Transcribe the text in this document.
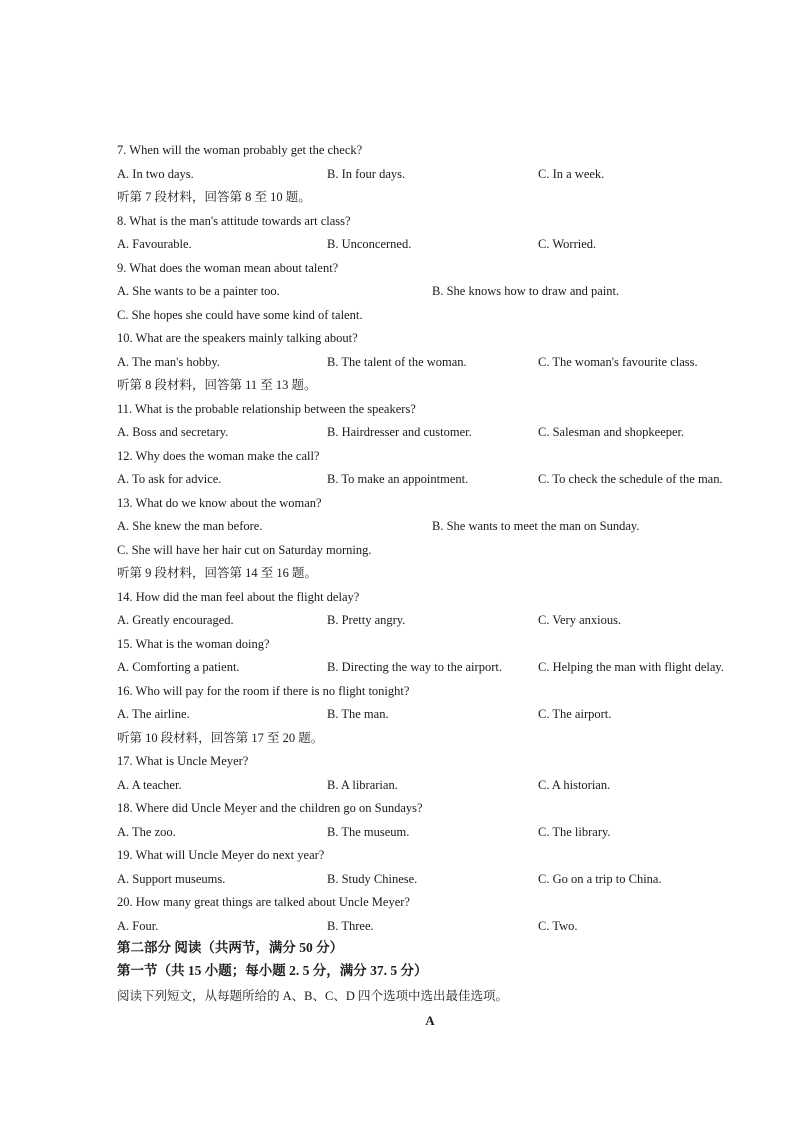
7. When will the woman probably get the check?
A. In two days.	B. In four days.	C. In a week.
听第 7 段材料，回答第 8 至 10 题。
8. What is the man's attitude towards art class?
A. Favourable.	B. Unconcerned.	C. Worried.
9. What does the woman mean about talent?
A. She wants to be a painter too.	B. She knows how to draw and paint.
C. She hopes she could have some kind of talent.
10. What are the speakers mainly talking about?
A. The man's hobby.	B. The talent of the woman.	C. The woman's favourite class.
听第 8 段材料，回答第 11 至 13 题。
11. What is the probable relationship between the speakers?
A. Boss and secretary.	B. Hairdresser and customer.	C. Salesman and shopkeeper.
12. Why does the woman make the call?
A. To ask for advice.	B. To make an appointment.	C. To check the schedule of the man.
13. What do we know about the woman?
A. She knew the man before.	B. She wants to meet the man on Sunday.
C. She will have her hair cut on Saturday morning.
听第 9 段材料，回答第 14 至 16 题。
14. How did the man feel about the flight delay?
A. Greatly encouraged.	B. Pretty angry.	C. Very anxious.
15. What is the woman doing?
A. Comforting a patient.	B. Directing the way to the airport.	C. Helping the man with flight delay.
16. Who will pay for the room if there is no flight tonight?
A. The airline.	B. The man.	C. The airport.
听第 10 段材料，回答第 17 至 20 题。
17. What is Uncle Meyer?
A. A teacher.	B. A librarian.	C. A historian.
18. Where did Uncle Meyer and the children go on Sundays?
A. The zoo.	B. The museum.	C. The library.
19. What will Uncle Meyer do next year?
A. Support museums.	B. Study Chinese.	C. Go on a trip to China.
20. How many great things are talked about Uncle Meyer?
A. Four.	B. Three.	C. Two.
第二部分 阅读（共两节，满分 50 分）
第一节（共 15 小题；每小题 2. 5 分，满分 37. 5 分）
阅读下列短文，从每题所给的 A、B、C、D 四个选项中选出最佳选项。
A
